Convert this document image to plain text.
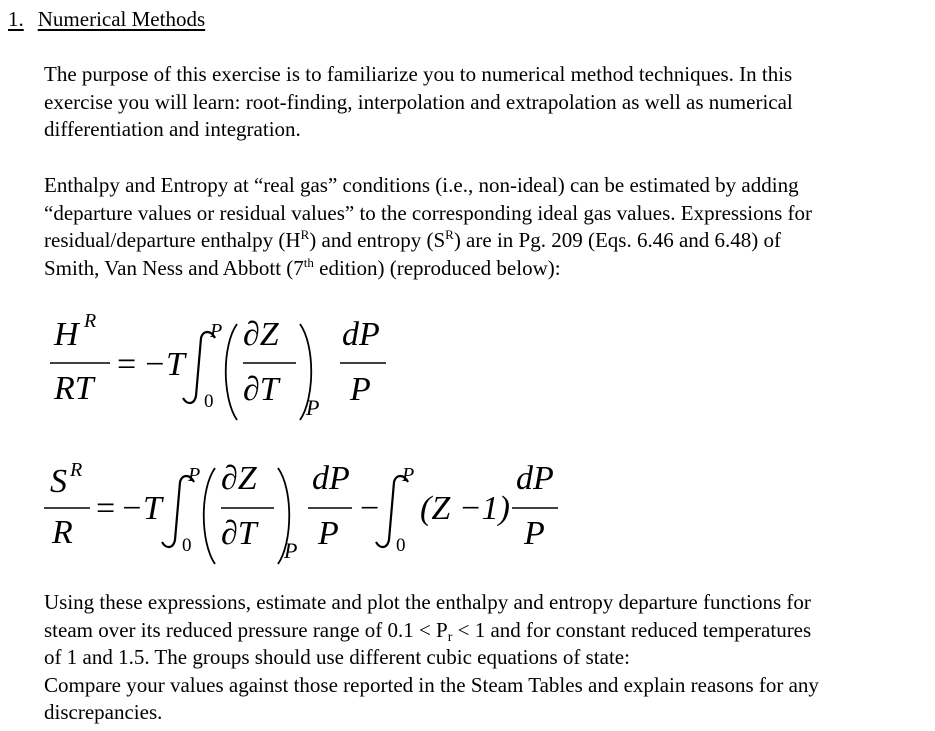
1. Numerical Methods

The purpose of this exercise is to familiarize you to numerical method techniques. In this
exercise you will learn: root-finding, interpolation and extrapolation as well as numerical
differentiation and integration.

Enthalpy and Entropy at “real gas” conditions (i.e., non-ideal) can be estimated by adding
“departure values or residual values” to the corresponding ideal gas values. Expressions for
residual/departure enthalpy $(H^R)$ and entropy $(S^R)$ are in Pg. 209 (Eqs. 6.46 and 6.48) of
Smith, Van Ness and Abbott (7th edition) (reproduced below):

H R
RT
= −T
P
0
∂Z
∂T P
dP
P
S R
R
= −T
P
0
∂Z
∂T P
dP
P
−
P
0
(Z −1)
dP
P

Using these expressions, estimate and plot the enthalpy and entropy departure functions for
steam over its reduced pressure range of $0.1 < P_r < 1$ and for constant reduced temperatures
of 1 and 1.5. The groups should use different cubic equations of state:
Compare your values against those reported in the Steam Tables and explain reasons for any
discrepancies.
